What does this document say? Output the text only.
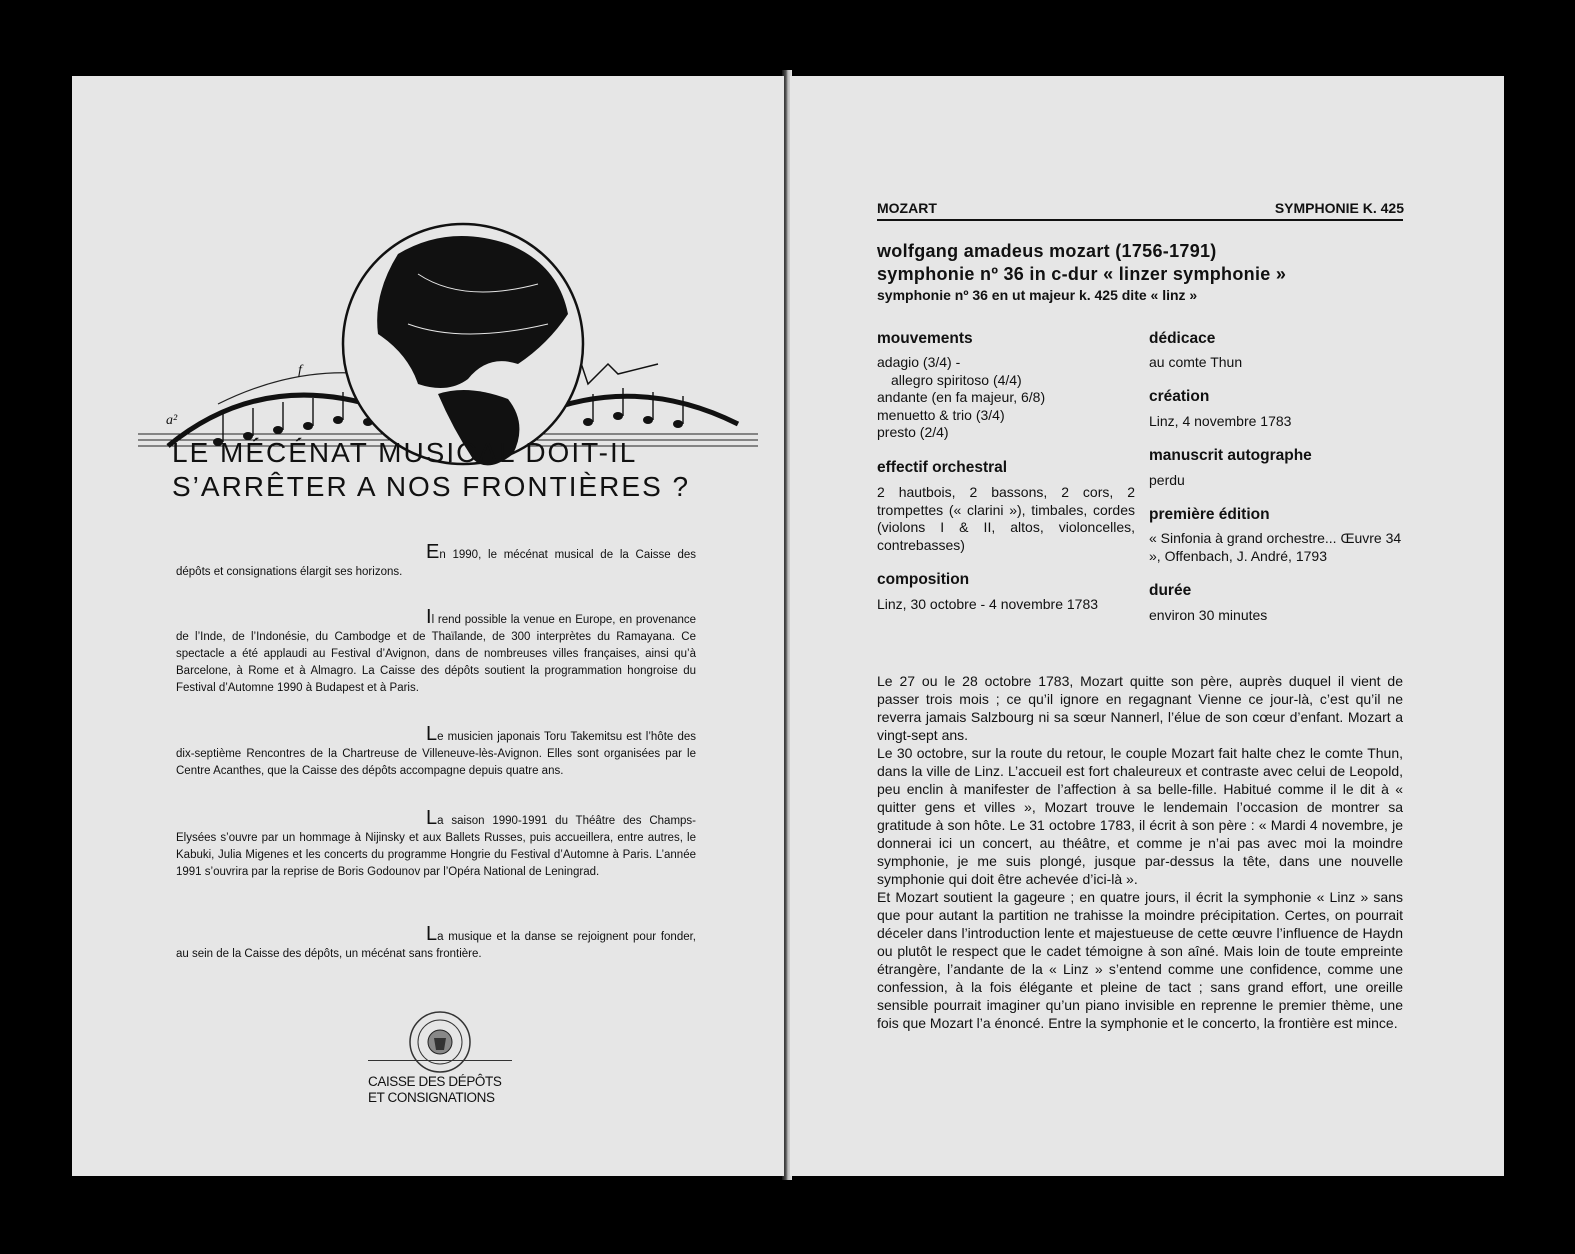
a²
f
LE MÉCÉNAT MUSICAL DOIT-IL
S’ARRÊTER A NOS FRONTIÈRES ?

En 1990, le mécénat musical de la Caisse des dépôts et consignations élargit ses horizons.

Il rend possible la venue en Europe, en provenance de l’Inde, de l’Indonésie, du Cambodge et de Thaïlande, de 300 interprètes du Ramayana. Ce spectacle a été applaudi au Festival d’Avignon, dans de nombreuses villes françaises, ainsi qu’à Barcelone, à Rome et à Almagro. La Caisse des dépôts soutient la programmation hongroise du Festival d’Automne 1990 à Budapest et à Paris.

Le musicien japonais Toru Takemitsu est l’hôte des dix-septième Rencontres de la Chartreuse de Villeneuve-lès-Avignon. Elles sont organisées par le Centre Acanthes, que la Caisse des dépôts accompagne depuis quatre ans.

La saison 1990-1991 du Théâtre des Champs-Elysées s’ouvre par un hommage à Nijinsky et aux Ballets Russes, puis accueillera, entre autres, le Kabuki, Julia Migenes et les concerts du programme Hongrie du Festival d’Automne à Paris. L’année 1991 s’ouvrira par la reprise de Boris Godounov par l’Opéra National de Leningrad.

La musique et la danse se rejoignent pour fonder, au sein de la Caisse des dépôts, un mécénat sans frontière.

CAISSE DES DÉPÔTS
ET CONSIGNATIONS
MOZART	SYMPHONIE K. 425
wolfgang amadeus mozart (1756-1791)
symphonie nº 36 in c-dur « linzer symphonie »
symphonie nº 36 en ut majeur k. 425 dite « linz »
mouvements
adagio (3/4) -
allegro spiritoso (4/4)
andante (en fa majeur, 6/8)
menuetto & trio (3/4)
presto (2/4)
effectif orchestral
2 hautbois, 2 bassons, 2 cors, 2 trompettes (« clarini »), timbales, cordes (violons I & II, altos, violoncelles, contrebasses)
composition
Linz, 30 octobre - 4 novembre 1783
dédicace
au comte Thun
création
Linz, 4 novembre 1783
manuscrit autographe
perdu
première édition
« Sinfonia à grand orchestre... Œuvre 34 », Offenbach, J. André, 1793
durée
environ 30 minutes

Le 27 ou le 28 octobre 1783, Mozart quitte son père, auprès duquel il vient de passer trois mois ; ce qu’il ignore en regagnant Vienne ce jour-là, c’est qu’il ne reverra jamais Salzbourg ni sa sœur Nannerl, l’élue de son cœur d’enfant. Mozart a vingt-sept ans.

Le 30 octobre, sur la route du retour, le couple Mozart fait halte chez le comte Thun, dans la ville de Linz. L’accueil est fort chaleureux et contraste avec celui de Leopold, peu enclin à manifester de l’affection à sa belle-fille. Habitué comme il le dit à « quitter gens et villes », Mozart trouve le lendemain l’occasion de montrer sa gratitude à son hôte. Le 31 octobre 1783, il écrit à son père : « Mardi 4 novembre, je donnerai ici un concert, au théâtre, et comme je n’ai pas avec moi la moindre symphonie, je me suis plongé, jusque par-dessus la tête, dans une nouvelle symphonie qui doit être achevée d’ici-là ».

Et Mozart soutient la gageure ; en quatre jours, il écrit la symphonie « Linz » sans que pour autant la partition ne trahisse la moindre précipitation. Certes, on pourrait déceler dans l’introduction lente et majestueuse de cette œuvre l’influence de Haydn ou plutôt le respect que le cadet témoigne à son aîné. Mais loin de toute empreinte étrangère, l’andante de la « Linz » s’entend comme une confidence, comme une confession, à la fois élégante et pleine de tact ; sans grand effort, une oreille sensible pourrait imaginer qu’un piano invisible en reprenne le premier thème, une fois que Mozart l’a énoncé. Entre la symphonie et le concerto, la frontière est mince.
